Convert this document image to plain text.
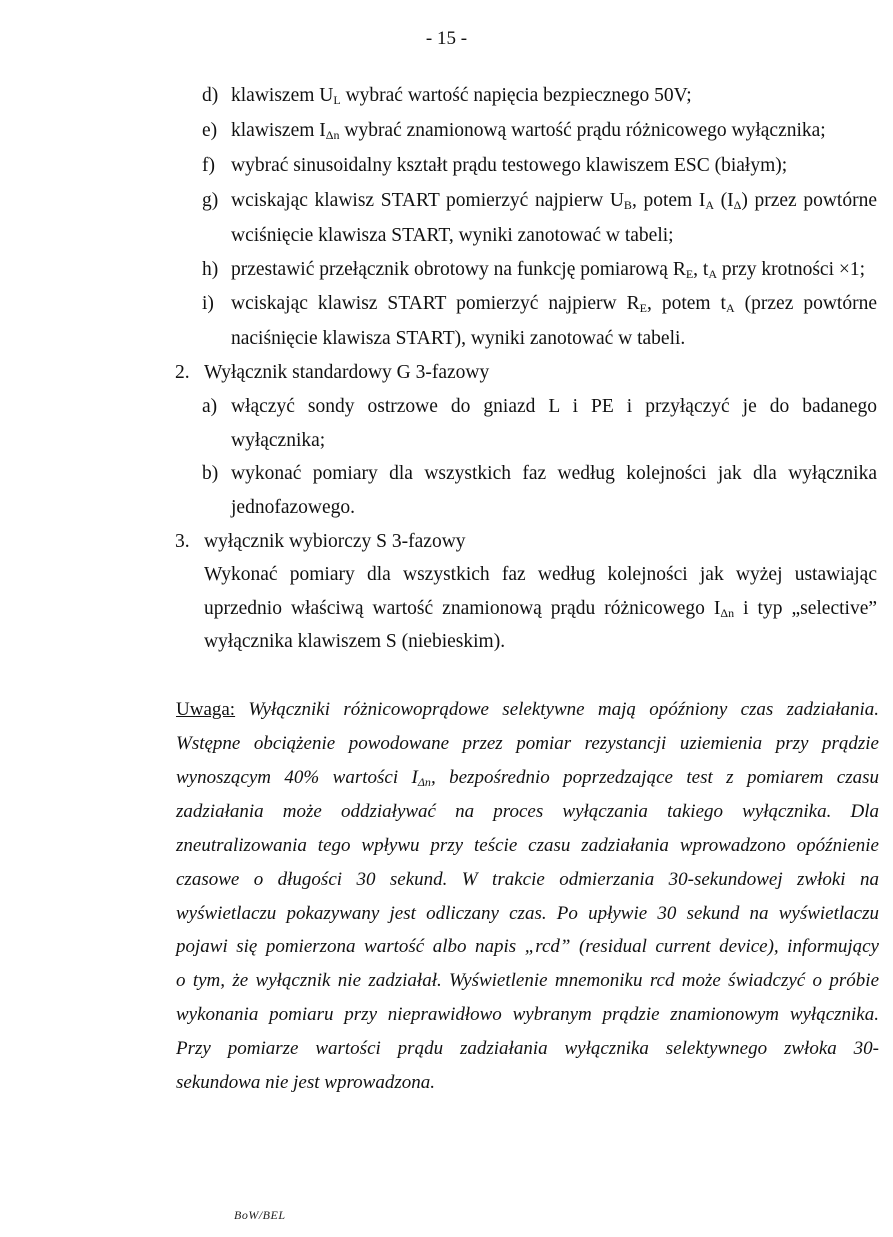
- 15 -
d) klawiszem $U_L$ wybrać wartość napięcia bezpiecznego 50V;
e) klawiszem $I_{\Delta n}$ wybrać znamionową wartość prądu różnicowego wyłącznika;
f) wybrać sinusoidalny kształt prądu testowego klawiszem ESC (białym);
g) wciskając klawisz START pomierzyć najpierw $U_B$, potem $I_A$ $(I_\Delta)$ przez powtórne
wciśnięcie klawisza START, wyniki zanotować w tabeli;
h) przestawić przełącznik obrotowy na funkcję pomiarową $R_E$, $t_A$ przy krotności ×1;
i) wciskając klawisz START pomierzyć najpierw $R_E$, potem $t_A$ (przez powtórne
naciśnięcie klawisza START), wyniki zanotować w tabeli.
2. Wyłącznik standardowy G 3-fazowy
a) włączyć sondy ostrzowe do gniazd L i PE i przyłączyć je do badanego
wyłącznika;
b) wykonać pomiary dla wszystkich faz według kolejności jak dla wyłącznika
jednofazowego.
3. wyłącznik wybiorczy S 3-fazowy
Wykonać pomiary dla wszystkich faz według kolejności jak wyżej ustawiając
uprzednio właściwą wartość znamionową prądu różnicowego $I_{\Delta n}$ i typ „selective”
wyłącznika klawiszem S (niebieskim).
Uwaga: Wyłączniki różnicowoprądowe selektywne mają opóźniony czas zadziałania.
Wstępne obciążenie powodowane przez pomiar rezystancji uziemienia przy prądzie
wynoszącym 40% wartości $I_{\Delta n}$, bezpośrednio poprzedzające test z pomiarem czasu
zadziałania może oddziaływać na proces wyłączania takiego wyłącznika. Dla
zneutralizowania tego wpływu przy teście czasu zadziałania wprowadzono opóźnienie
czasowe o długości 30 sekund. W trakcie odmierzania 30-sekundowej zwłoki na
wyświetlaczu pokazywany jest odliczany czas. Po upływie 30 sekund na wyświetlaczu
pojawi się pomierzona wartość albo napis „rcd” (residual current device), informujący
o tym, że wyłącznik nie zadziałał. Wyświetlenie mnemoniku rcd może świadczyć o próbie
wykonania pomiaru przy nieprawidłowo wybranym prądzie znamionowym wyłącznika.
Przy pomiarze wartości prądu zadziałania wyłącznika selektywnego zwłoka 30-
sekundowa nie jest wprowadzona.
BoW/BEL
